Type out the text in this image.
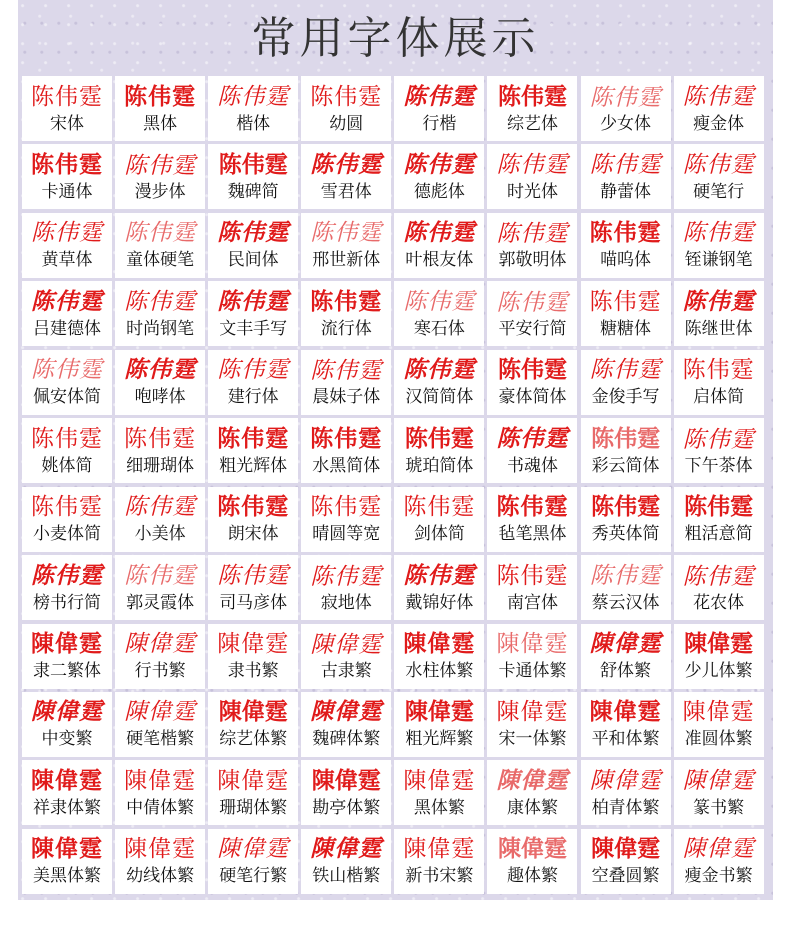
常用字体展示
陈伟霆
宋体
陈伟霆
黑体
陈伟霆
楷体
陈伟霆
幼圆
陈伟霆
行楷
陈伟霆
综艺体
陈伟霆
少女体
陈伟霆
瘦金体
陈伟霆
卡通体
陈伟霆
漫步体
陈伟霆
魏碑简
陈伟霆
雪君体
陈伟霆
德彪体
陈伟霆
时光体
陈伟霆
静蕾体
陈伟霆
硬笔行
陈伟霆
黄草体
陈伟霆
童体硬笔
陈伟霆
民间体
陈伟霆
邢世新体
陈伟霆
叶根友体
陈伟霆
郭敬明体
陈伟霆
喵呜体
陈伟霆
铚谦钢笔
陈伟霆
吕建德体
陈伟霆
时尚钢笔
陈伟霆
文丰手写
陈伟霆
流行体
陈伟霆
寒石体
陈伟霆
平安行简
陈伟霆
糖糖体
陈伟霆
陈继世体
陈伟霆
佩安体简
陈伟霆
咆哮体
陈伟霆
建行体
陈伟霆
晨妹子体
陈伟霆
汉简简体
陈伟霆
豪体简体
陈伟霆
金俊手写
陈伟霆
启体简
陈伟霆
姚体简
陈伟霆
细珊瑚体
陈伟霆
粗光辉体
陈伟霆
水黑简体
陈伟霆
琥珀简体
陈伟霆
书魂体
陈伟霆
彩云简体
陈伟霆
下午茶体
陈伟霆
小麦体简
陈伟霆
小美体
陈伟霆
朗宋体
陈伟霆
晴圆等宽
陈伟霆
剑体简
陈伟霆
毡笔黑体
陈伟霆
秀英体简
陈伟霆
粗活意简
陈伟霆
榜书行简
陈伟霆
郭灵霞体
陈伟霆
司马彦体
陈伟霆
寂地体
陈伟霆
戴锦好体
陈伟霆
南宫体
陈伟霆
蔡云汉体
陈伟霆
花农体
陳偉霆
隶二繁体
陳偉霆
行书繁
陳偉霆
隶书繁
陳偉霆
古隶繁
陳偉霆
水柱体繁
陳偉霆
卡通体繁
陳偉霆
舒体繁
陳偉霆
少儿体繁
陳偉霆
中变繁
陳偉霆
硬笔楷繁
陳偉霆
综艺体繁
陳偉霆
魏碑体繁
陳偉霆
粗光辉繁
陳偉霆
宋一体繁
陳偉霆
平和体繁
陳偉霆
准圆体繁
陳偉霆
祥隶体繁
陳偉霆
中倩体繁
陳偉霆
珊瑚体繁
陳偉霆
勘亭体繁
陳偉霆
黑体繁
陳偉霆
康体繁
陳偉霆
柏青体繁
陳偉霆
篆书繁
陳偉霆
美黑体繁
陳偉霆
幼线体繁
陳偉霆
硬笔行繁
陳偉霆
铁山楷繁
陳偉霆
新书宋繁
陳偉霆
趣体繁
陳偉霆
空叠圆繁
陳偉霆
瘦金书繁
